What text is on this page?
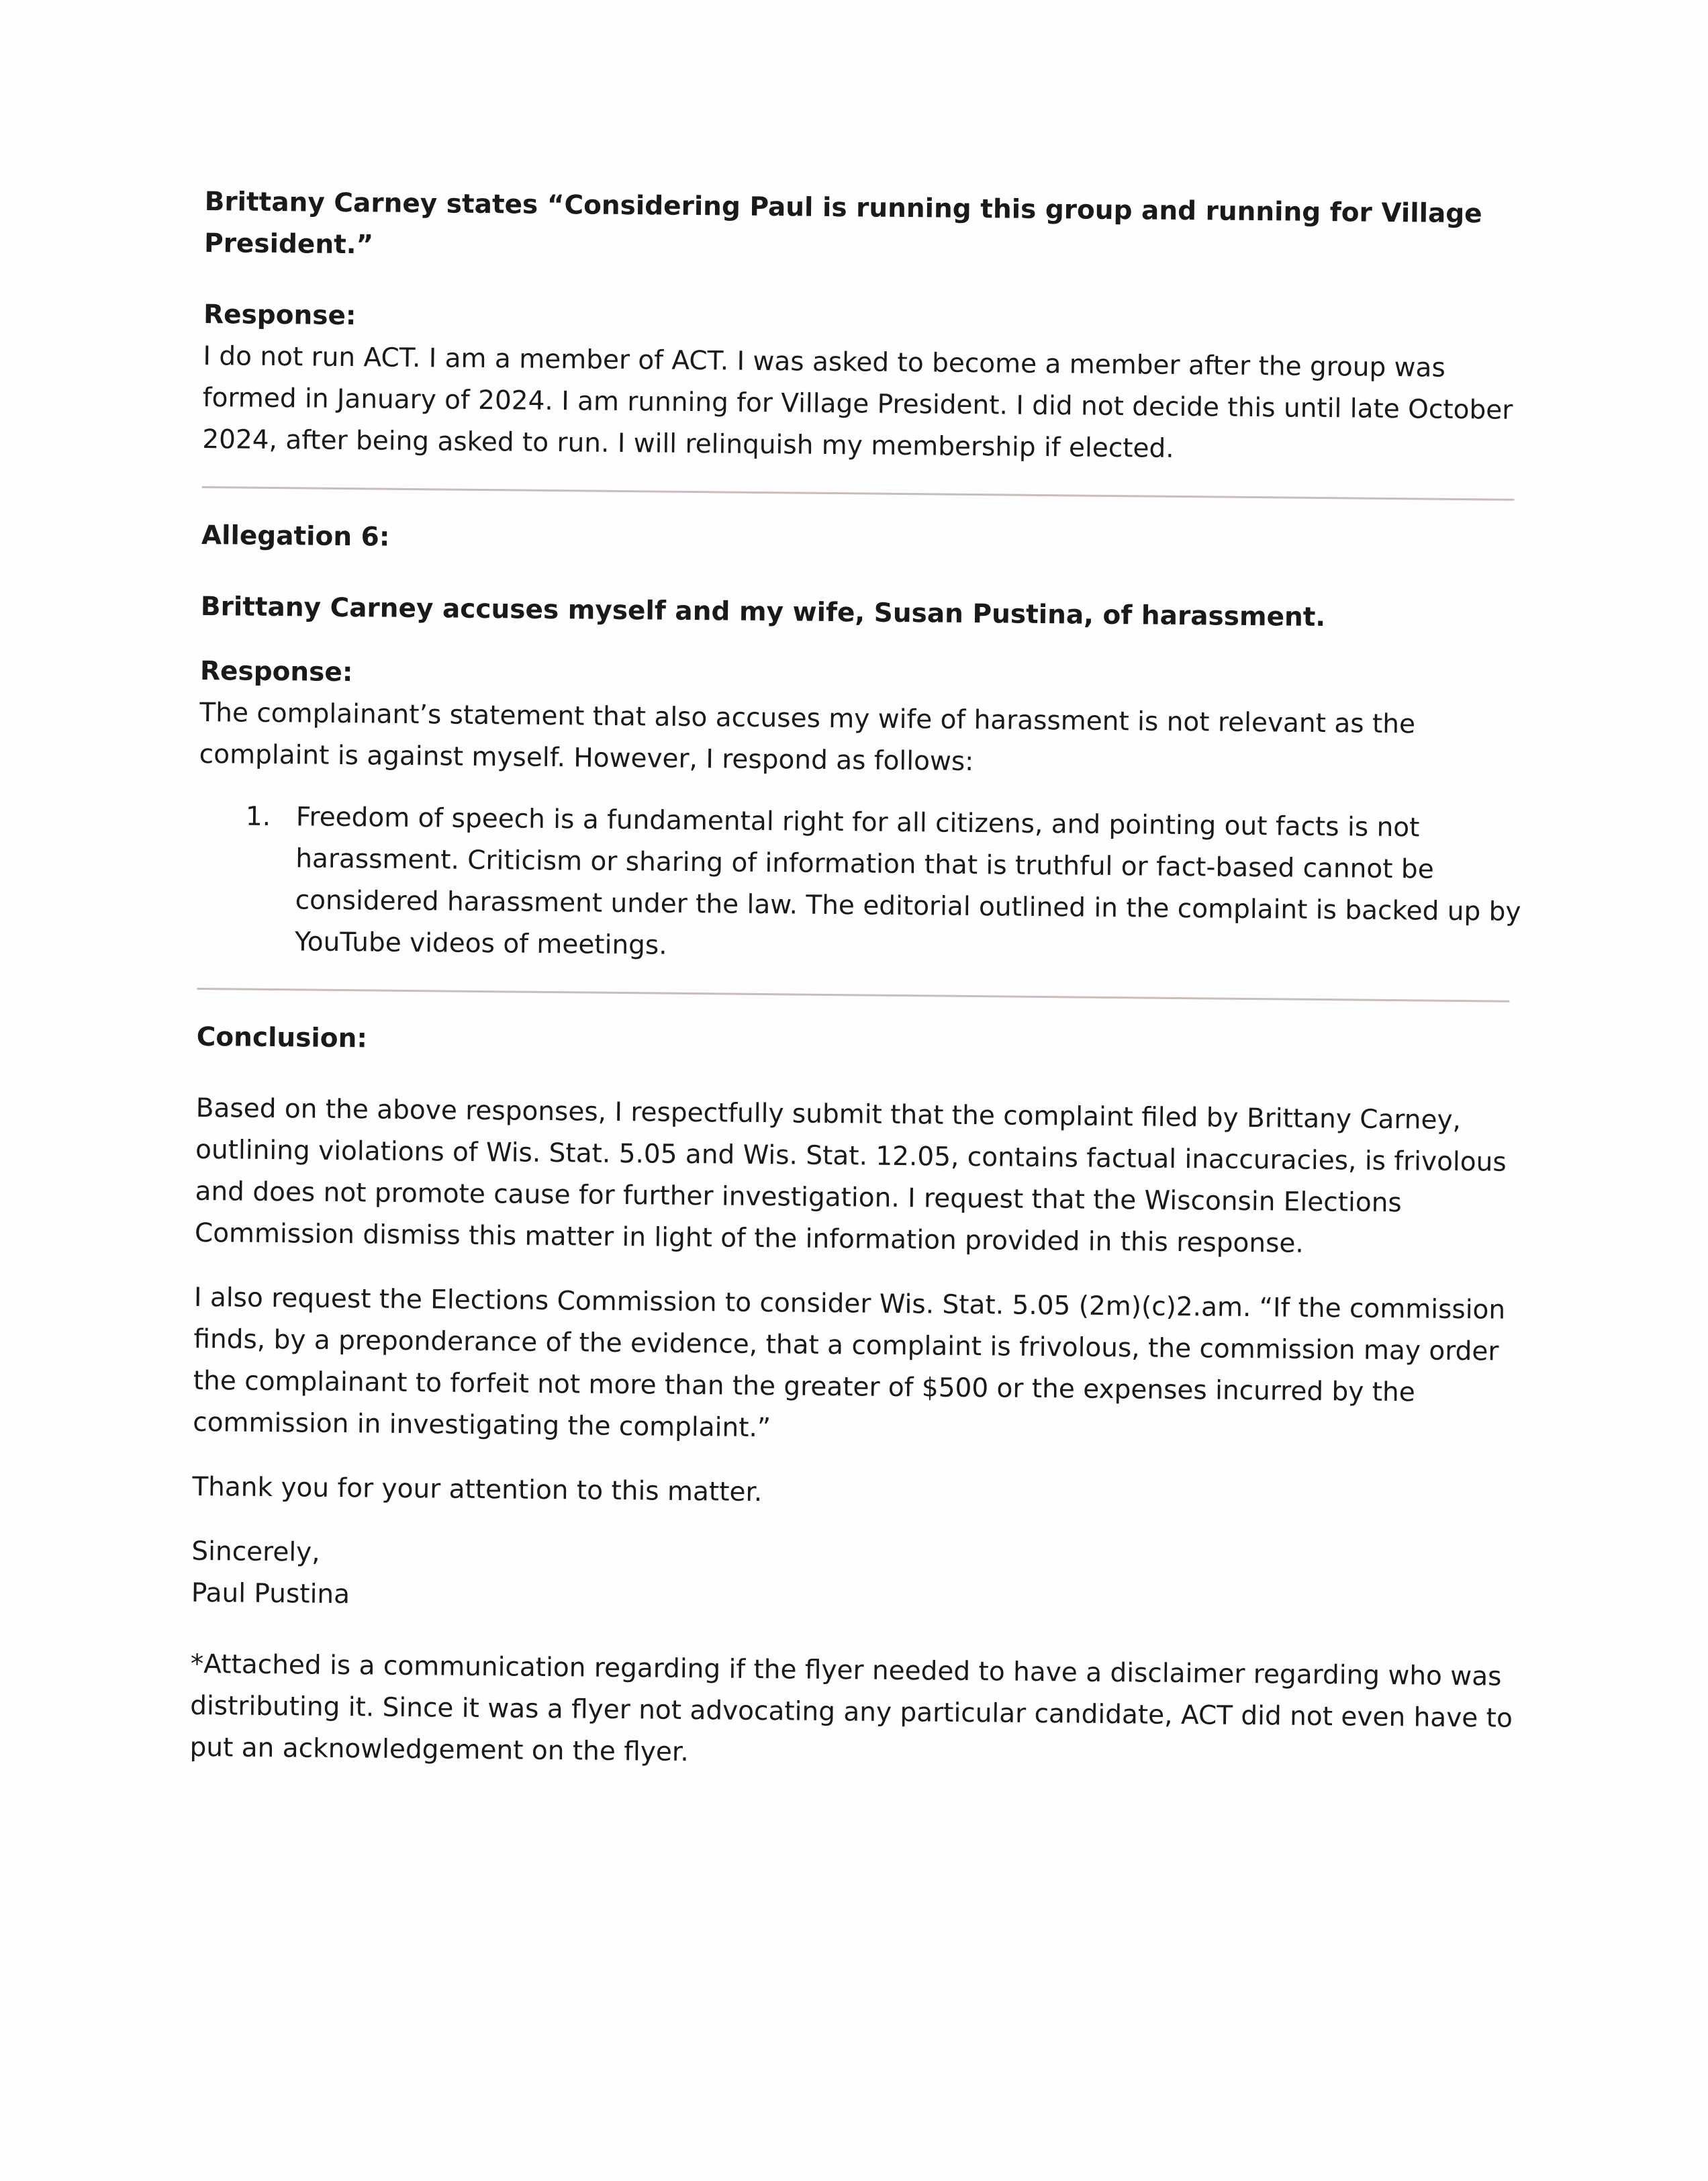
Brittany Carney states “Considering Paul is running this group and running for Village President.”

Response:

I do not run ACT. I am a member of ACT. I was asked to become a member after the group was formed in January of 2024. I am running for Village President. I did not decide this until late October 2024, after being asked to run. I will relinquish my membership if elected.

Allegation 6:

Brittany Carney accuses myself and my wife, Susan Pustina, of harassment.

Response:

The complainant’s statement that also accuses my wife of harassment is not relevant as the complaint is against myself. However, I respond as follows:

1. Freedom of speech is a fundamental right for all citizens, and pointing out facts is not harassment. Criticism or sharing of information that is truthful or fact-based cannot be considered harassment under the law. The editorial outlined in the complaint is backed up by YouTube videos of meetings.

Conclusion:

Based on the above responses, I respectfully submit that the complaint filed by Brittany Carney, outlining violations of Wis. Stat. 5.05 and Wis. Stat. 12.05, contains factual inaccuracies, is frivolous and does not promote cause for further investigation. I request that the Wisconsin Elections Commission dismiss this matter in light of the information provided in this response.

I also request the Elections Commission to consider Wis. Stat. 5.05 (2m)(c)2.am. “If the commission finds, by a preponderance of the evidence, that a complaint is frivolous, the commission may order the complainant to forfeit not more than the greater of $500 or the expenses incurred by the commission in investigating the complaint.”

Thank you for your attention to this matter.

Sincerely,

Paul Pustina

*Attached is a communication regarding if the flyer needed to have a disclaimer regarding who was distributing it. Since it was a flyer not advocating any particular candidate, ACT did not even have to put an acknowledgement on the flyer.
